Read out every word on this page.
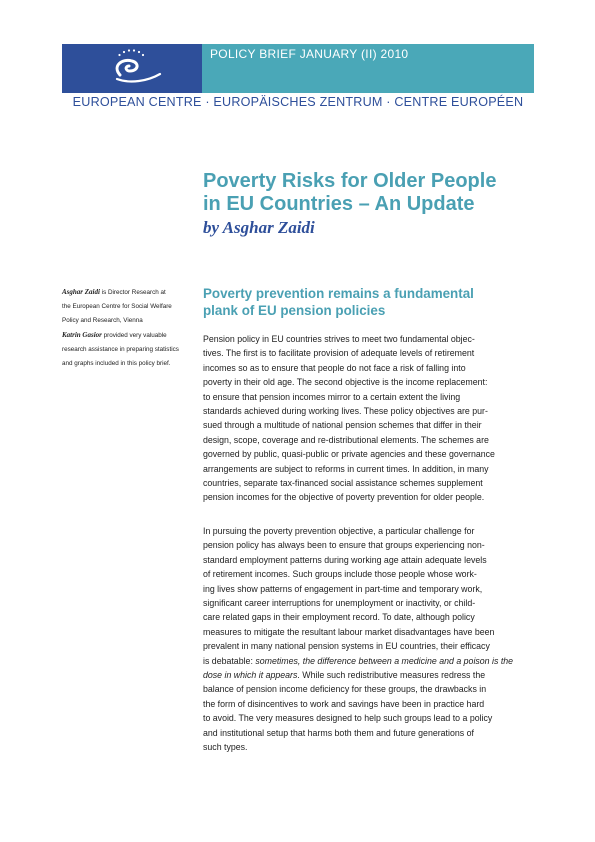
POLICY BRIEF JANUARY (II) 2010
EUROPEAN CENTRE · EUROPÄISCHES ZENTRUM · CENTRE EUROPÉEN
Poverty Risks for Older People
in EU Countries – An Update
by Asghar Zaidi
Asghar Zaidi is Director Research at
the European Centre for Social Welfare
Policy and Research, Vienna
Katrin Gasior provided very valuable
research assistance in preparing statistics
and graphs included in this policy brief.
Poverty prevention remains a fundamental
plank of EU pension policies
Pension policy in EU countries strives to meet two fundamental objec-
tives. The first is to facilitate provision of adequate levels of retirement
incomes so as to ensure that people do not face a risk of falling into
poverty in their old age. The second objective is the income replacement:
to ensure that pension incomes mirror to a certain extent the living
standards achieved during working lives. These policy objectives are pur-
sued through a multitude of national pension schemes that differ in their
design, scope, coverage and re-distributional elements. The schemes are
governed by public, quasi-public or private agencies and these governance
arrangements are subject to reforms in current times. In addition, in many
countries, separate tax-financed social assistance schemes supplement
pension incomes for the objective of poverty prevention for older people.
In pursuing the poverty prevention objective, a particular challenge for
pension policy has always been to ensure that groups experiencing non-
standard employment patterns during working age attain adequate levels
of retirement incomes. Such groups include those people whose work-
ing lives show patterns of engagement in part-time and temporary work,
significant career interruptions for unemployment or inactivity, or child-
care related gaps in their employment record. To date, although policy
measures to mitigate the resultant labour market disadvantages have been
prevalent in many national pension systems in EU countries, their efficacy
is debatable: sometimes, the difference between a medicine and a poison is the
dose in which it appears. While such redistributive measures redress the
balance of pension income deficiency for these groups, the drawbacks in
the form of disincentives to work and savings have been in practice hard
to avoid. The very measures designed to help such groups lead to a policy
and institutional setup that harms both them and future generations of
such types.
